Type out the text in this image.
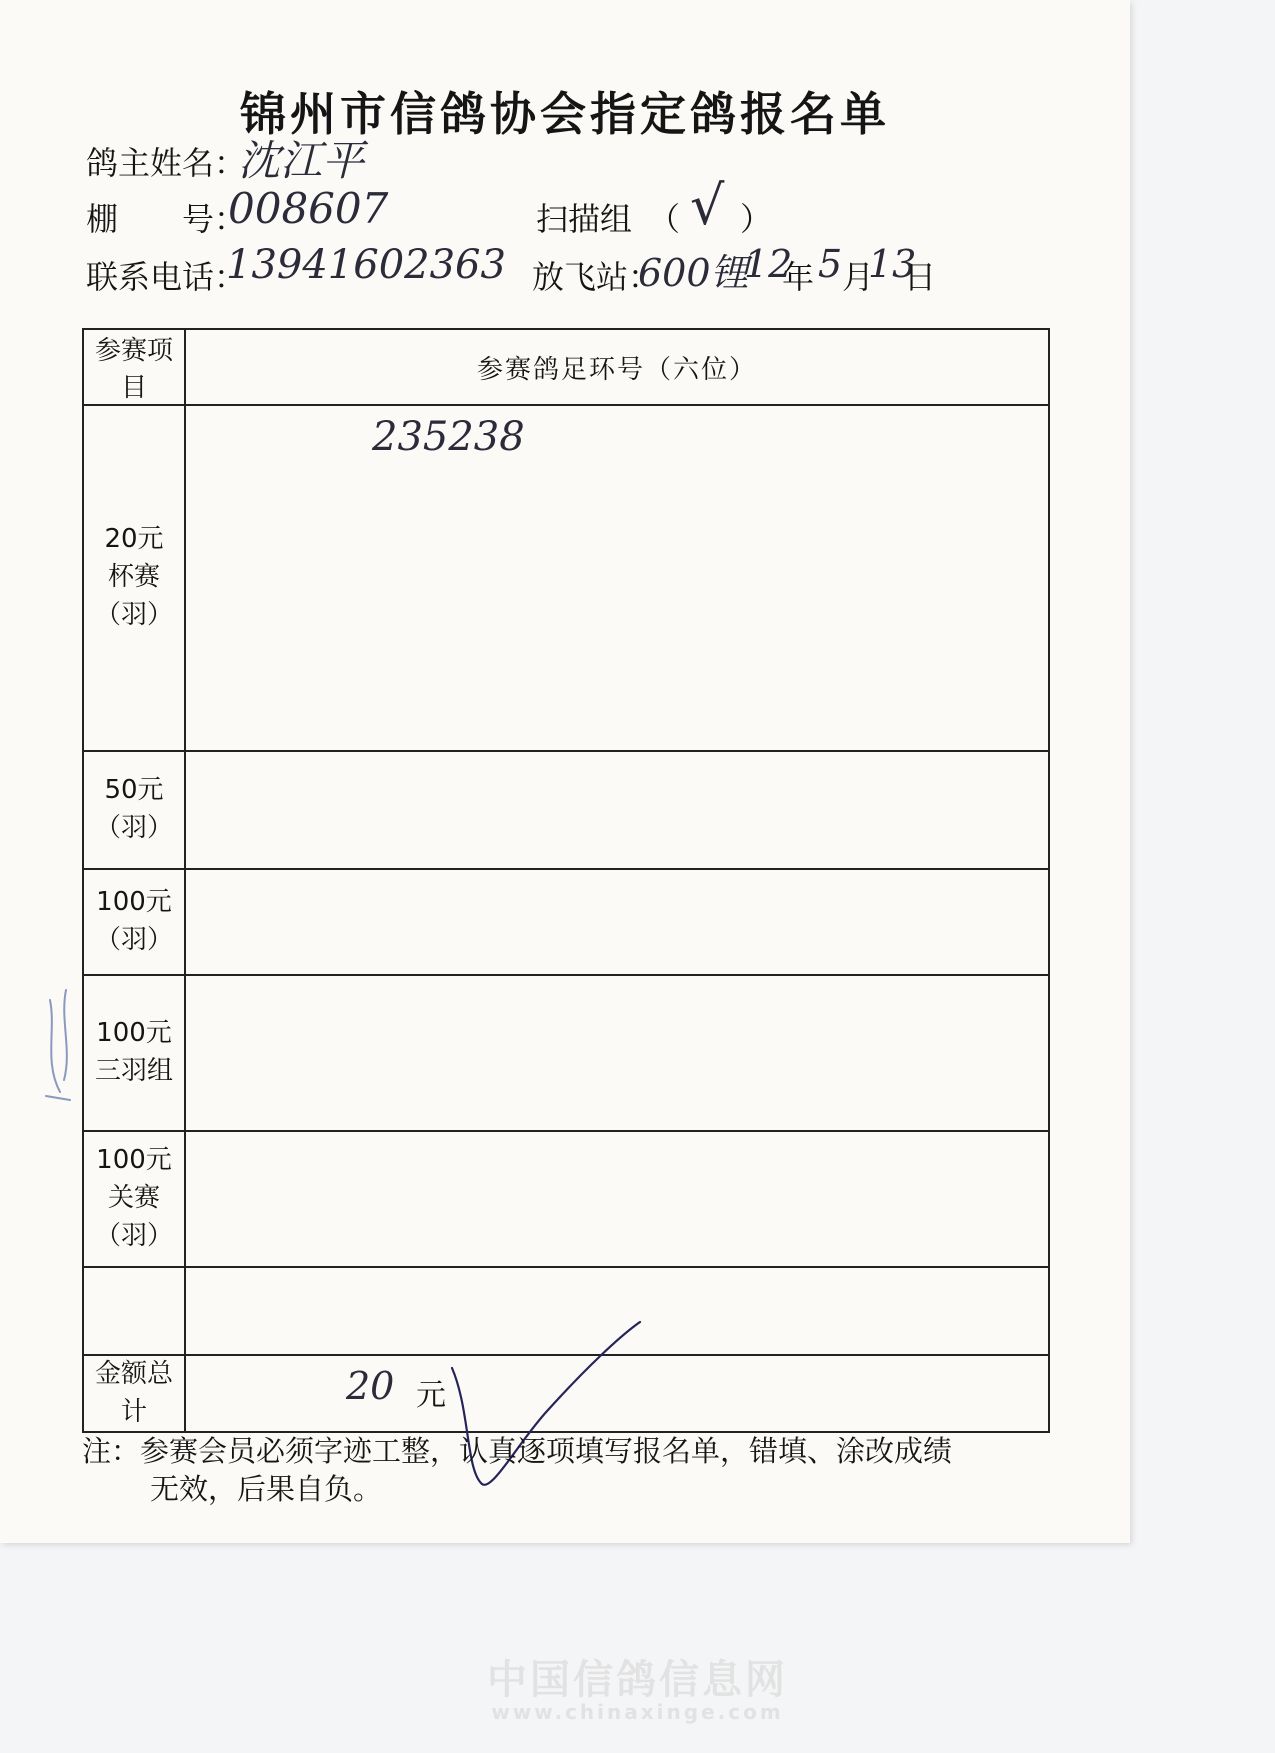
锦州市信鸽协会指定鸽报名单
鸽主姓名：
沈江平
棚　　号：
008607	扫描组 （ √ ）
联系电话：
13941602363 放飞站：
600锂
12
年 5 月
13
日
参赛项目	参赛鸽足环号（六位）

20元
杯赛
（羽）	235238

50元
（羽）	

100元
（羽）	

100元
三羽组	

100元
关赛
（羽）	

金额总计	20 元
注：参赛会员必须字迹工整，认真逐项填写报名单，错填、涂改成绩
无效，后果自负。
中国信鸽信息网
www.chinaxinge.com
